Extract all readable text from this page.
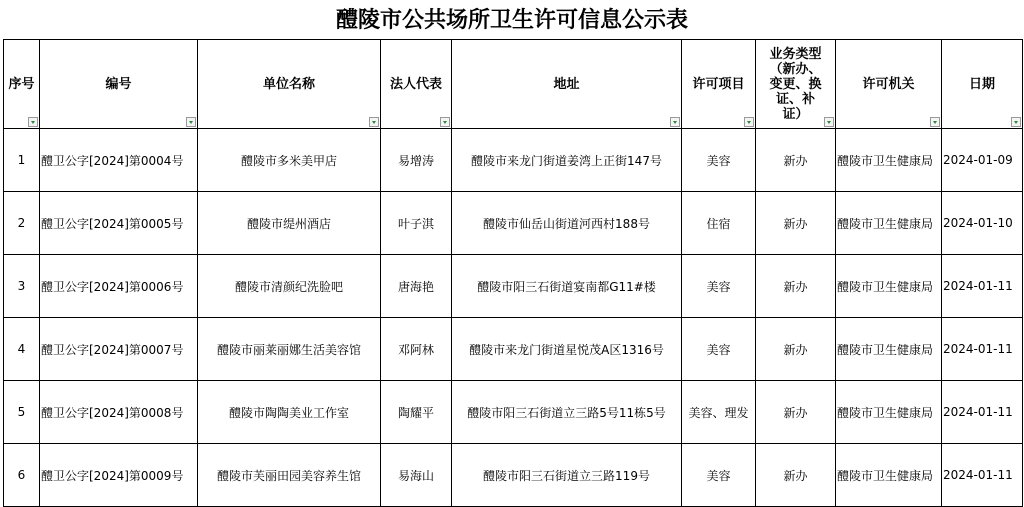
醴陵市公共场所卫生许可信息公示表
序号	编号	单位名称	法人代表	地址	许可项目	业务类型
（新办、
变更、换
证、补
证）	许可机关	日期

1	醴卫公字[2024]第0004号	醴陵市多米美甲店	易增涛	醴陵市来龙门街道姜湾上正街147号	美容	新办	醴陵市卫生健康局	2024-01-09
2	醴卫公字[2024]第0005号	醴陵市缇州酒店	叶子淇	醴陵市仙岳山街道河西村188号	住宿	新办	醴陵市卫生健康局	2024-01-10
3	醴卫公字[2024]第0006号	醴陵市清颜纪洗脸吧	唐海艳	醴陵市阳三石街道宴南都G11#楼	美容	新办	醴陵市卫生健康局	2024-01-11
4	醴卫公字[2024]第0007号	醴陵市丽莱丽娜生活美容馆	邓阿林	醴陵市来龙门街道星悦茂A区1316号	美容	新办	醴陵市卫生健康局	2024-01-11
5	醴卫公字[2024]第0008号	醴陵市陶陶美业工作室	陶耀平	醴陵市阳三石街道立三路5号11栋5号	美容、理发	新办	醴陵市卫生健康局	2024-01-11
6	醴卫公字[2024]第0009号	醴陵市芙丽田园美容养生馆	易海山	醴陵市阳三石街道立三路119号	美容	新办	醴陵市卫生健康局	2024-01-11
